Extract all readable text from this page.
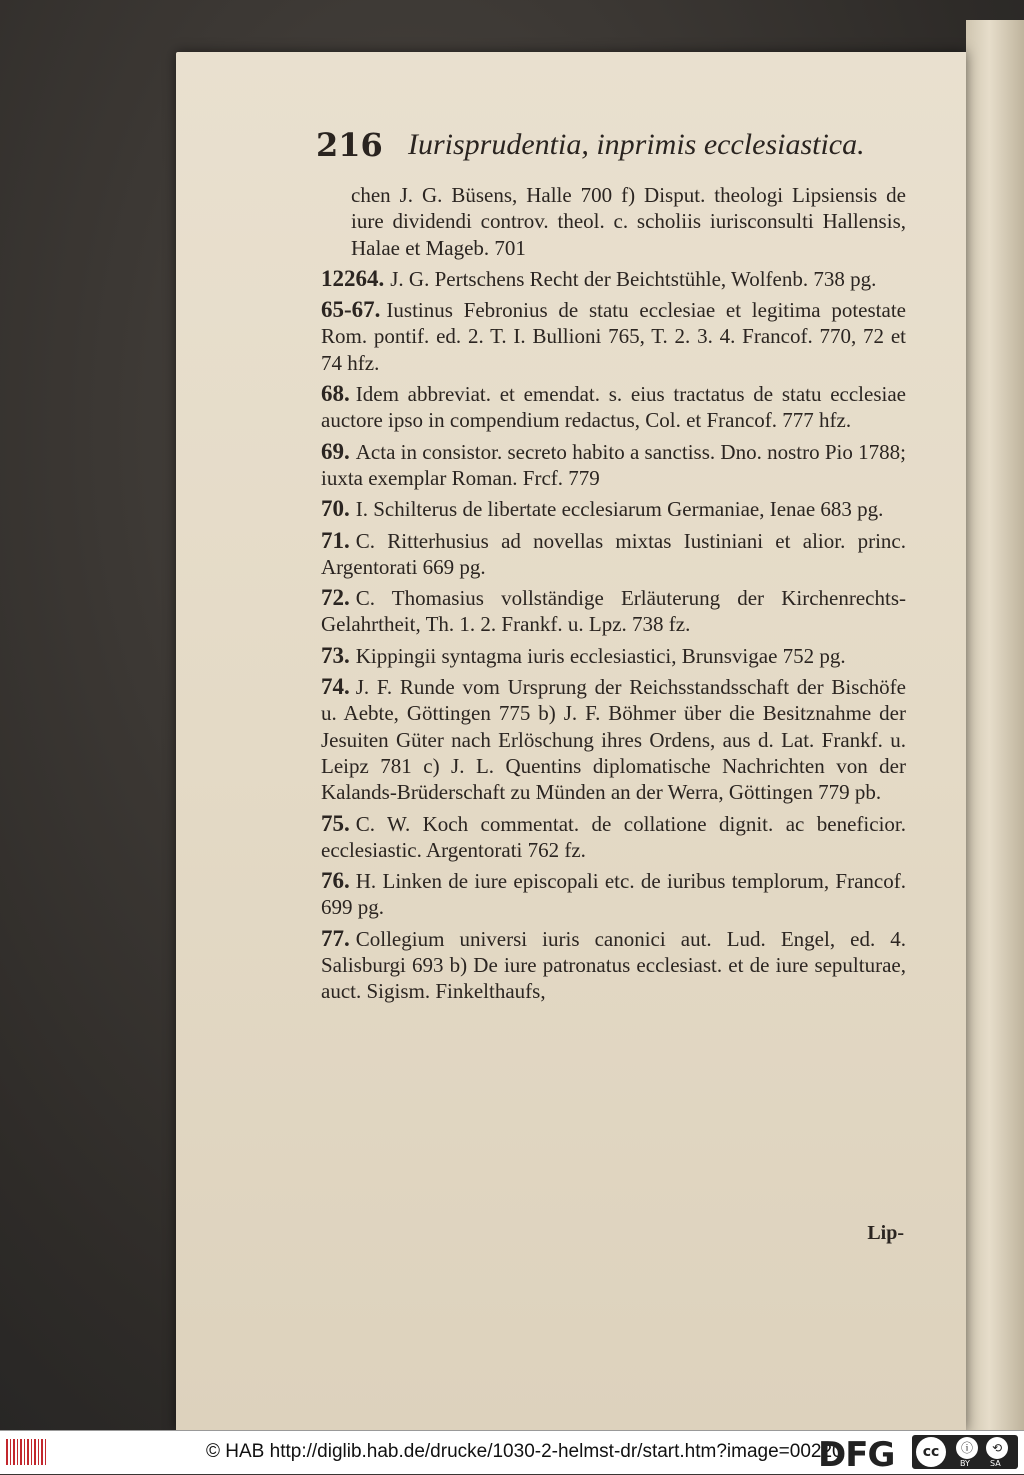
216 Iurisprudentia, inprimis ecclesiastica.

chen J. G. Büsens, Halle 700 f) Disput. theologi Lipsiensis de iure dividendi controv. theol. c. scholiis iurisconsulti Hallensis, Halae et Mageb. 701

12264. J. G. Pertschens Recht der Beichtstühle, Wolfenb. 738 pg.

65-67. Iustinus Febronius de statu ecclesiae et legitima potestate Rom. pontif. ed. 2. T. I. Bullioni 765, T. 2. 3. 4. Francof. 770, 72 et 74 hfz.

68. Idem abbreviat. et emendat. s. eius tractatus de statu ecclesiae auctore ipso in compendium redactus, Col. et Francof. 777 hfz.

69. Acta in consistor. secreto habito a sanctiss. Dno. nostro Pio 1788; iuxta exemplar Roman. Frcf. 779

70. I. Schilterus de libertate ecclesiarum Germaniae, Ienae 683 pg.

71. C. Ritterhusius ad novellas mixtas Iustiniani et alior. princ. Argentorati 669 pg.

72. C. Thomasius vollständige Erläuterung der Kirchenrechts-Gelahrtheit, Th. 1. 2. Frankf. u. Lpz. 738 fz.

73. Kippingii syntagma iuris ecclesiastici, Brunsvigae 752 pg.

74. J. F. Runde vom Ursprung der Reichsstandsschaft der Bischöfe u. Aebte, Göttingen 775 b) J. F. Böhmer über die Besitznahme der Jesuiten Güter nach Erlöschung ihres Ordens, aus d. Lat. Frankf. u. Leipz 781 c) J. L. Quentins diplomatische Nachrichten von der Kalands-Brüderschaft zu Münden an der Werra, Göttingen 779 pb.

75. C. W. Koch commentat. de collatione dignit. ac beneficior. ecclesiastic. Argentorati 762 fz.

76. H. Linken de iure episcopali etc. de iuribus templorum, Francof. 699 pg.

77. Collegium universi iuris canonici aut. Lud. Engel, ed. 4. Salisburgi 693 b) De iure patronatus ecclesiast. et de iure sepulturae, auct. Sigism. Finkelthaufs,

Lip-
© HAB http://diglib.hab.de/drucke/1030-2-helmst-dr/start.htm?image=00220
DFG	cc	ⓘ	⟲
BY	SA
